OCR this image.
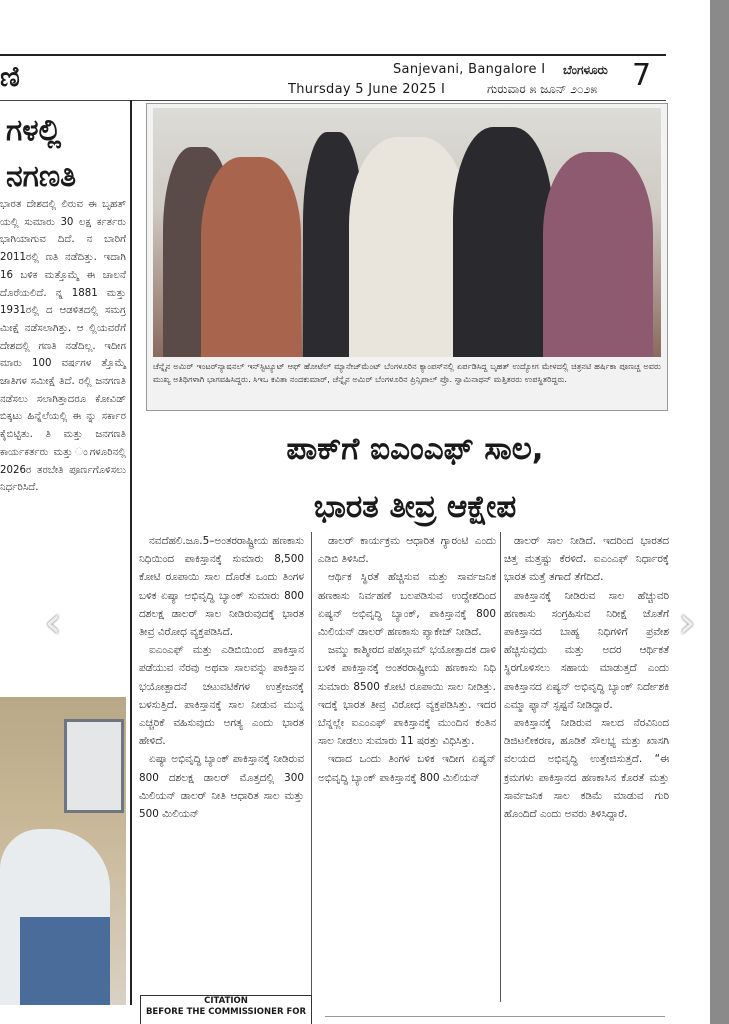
ಣಿ	Sanjevani, Bangalore I ಬೆಂಗಳೂರು 7
Thursday 5 June 2025 I	ಗುರುವಾರ ೫ ಜೂನ್ ೨೦೨೫
ಗಳಲ್ಲಿ
ನಗಣತಿ

ಭಾರತ ದೇಶದಲ್ಲಿ ಲಿರುವ ಈ ಬೃಹತ್ ಯಲ್ಲಿ ಸುಮಾರು 30 ಲಕ್ಷ ರ್ಕರ್ತರು ಭಾಗಿಯಾಗುವ ದಿದೆ. ನ ಬಾರಿಗೆ 2011ರಲ್ಲಿ ಣತಿ ನಡೆದಿತ್ತು. ಇದಾಗಿ 16 ಬಳಿಕ ಮತ್ತೊಮ್ಮೆ ಈ ಚಾಲನೆ ದೊರೆಯಲಿದೆ. ನ್ನ 1881 ಮತ್ತು 1931ರಲ್ಲಿ ದ ಆಡಳಿತದಲ್ಲಿ ಸಮಗ್ರ ಮೀಕ್ಷೆ ನಡೆಸಲಾಗಿತ್ತು. ಆ ಲ್ಲಿಯವರೆಗೆ ದೇಶದಲ್ಲಿ ಗಣತಿ ನಡೆದಿಲ್ಲ. ಇದೀಗ ಮಾರು 100 ವರ್ಷಗಳ ತ್ತೊಮ್ಮೆ ಜಾತಿಗಳ ಸಮೀಕ್ಷೆ ತಿದೆ. ರಲ್ಲಿ ಜನಗಣತಿ ನಡೆಸಲು ಸಲಾಗಿತ್ತಾದರೂ ಕೋವಿಡ್ ಬಿಕ್ಕಟು ಹಿನ್ನೆಲೆಯಲ್ಲಿ ಈ ನ್ನು ಸರ್ಕಾರ ಕೈಬಿಟ್ಟಿತು. ತಿ ಮತ್ತು ಜನಗಣತಿ ಕಾರ್ಯಕರ್ತರು ಮತ್ತು ಂಗಳೂರಿನಲ್ಲಿ 2026ರ ತರಬೇತಿ ಪೂರ್ಣಗೊಳಿಸಲು ನಿರ್ಧರಿಸಿದೆ.

ಚೆನ್ನೈನ ಅಮಿರ್ ಇಂಟರ್‌ನ್ಯಾಷನಲ್ ಇನ್‌ಸ್ಟಿಟ್ಯೂಟ್ ಆಫ್ ಹೋಟೆಲ್ ಮ್ಯಾನೇಜ್‌ಮೆಂಟ್ ಬೆಂಗಳೂರಿನ ಕ್ಯಾಂಪಸ್‌ನಲ್ಲಿ ಏರ್ಪಡಿಸಿದ್ದ ಬೃಹತ್ ಉದ್ಯೋಗ ಮೇಳದಲ್ಲಿ ಚಿತ್ರನಟಿ ಹರ್ಷಿಕಾ ಪೂಣಚ್ಚ ಅವರು ಮುಖ್ಯ ಅತಿಥಿಗಳಾಗಿ ಭಾಗವಹಿಸಿದ್ದರು. ಸಿಇಒ ಕವಿತಾ ನಂದಕುಮಾರ್, ಚೆನ್ನೈನ ಅಮಿರ್ ಬೆಂಗಳೂರಿನ ಪ್ರಿನ್ಸಿಪಾಲ್ ಪ್ರೊ. ಸ್ವಾಮಿನಾಥನ್ ಮತ್ತಿತರರು ಉಪಸ್ಥಿತರಿದ್ದರು.
ಪಾಕ್‌ಗೆ ಐಎಂಎಫ್ ಸಾಲ,
ಭಾರತ ತೀವ್ರ ಆಕ್ಷೇಪ

ನವದೆಹಲಿ.ಜೂ.5–ಅಂತರರಾಷ್ಟ್ರೀಯ ಹಣಕಾಸು ನಿಧಿಯಿಂದ ಪಾಕಿಸ್ತಾನಕ್ಕೆ ಸುಮಾರು 8,500 ಕೋಟಿ ರೂಪಾಯಿ ಸಾಲ ದೊರೆತ ಒಂದು ತಿಂಗಳ ಬಳಿಕ ಏಷ್ಯಾ ಅಭಿವೃದ್ಧಿ ಬ್ಯಾಂಕ್ ಸುಮಾರು 800 ದಶಲಕ್ಷ ಡಾಲರ್ ಸಾಲ ನೀಡಿರುವುದಕ್ಕೆ ಭಾರತ ತೀವ್ರ ವಿರೋಧ ವ್ಯಕ್ತಪಡಿಸಿದೆ.

ಐಎಂಎಫ್ ಮತ್ತು ಎಡಿಬಿಯಿಂದ ಪಾಕಿಸ್ತಾನ ಪಡೆಯುವ ನೆರವು ಅಥವಾ ಸಾಲವನ್ನು ಪಾಕಿಸ್ತಾನ ಭಯೋತ್ಪಾದನೆ ಚಟುವಟಿಕೆಗಳ ಉತ್ತೇಜನಕ್ಕೆ ಬಳಸುತ್ತಿದೆ. ಪಾಕಿಸ್ತಾನಕ್ಕೆ ಸಾಲ ನೀಡುವ ಮುನ್ನ ಎಚ್ಚರಿಕೆ ವಹಿಸುವುದು ಅಗತ್ಯ ಎಂದು ಭಾರತ ಹೇಳಿದೆ.

ಏಷ್ಯಾ ಅಭಿವೃದ್ಧಿ ಬ್ಯಾಂಕ್ ಪಾಕಿಸ್ತಾನಕ್ಕೆ ನೀಡಿರುವ 800 ದಶಲಕ್ಷ ಡಾಲರ್ ಮೊತ್ತದಲ್ಲಿ 300 ಮಿಲಿಯನ್ ಡಾಲರ್ ನೀತಿ ಆಧಾರಿತ ಸಾಲ ಮತ್ತು 500 ಮಿಲಿಯನ್

ಡಾಲರ್ ಕಾರ್ಯಕ್ರಮ ಆಧಾರಿತ ಗ್ಯಾರಂಟಿ ಎಂದು ಎಡಿಬಿ ತಿಳಿಸಿದೆ.

ಆರ್ಥಿಕ ಸ್ಥಿರತೆ ಹೆಚ್ಚಿಸುವ ಮತ್ತು ಸಾರ್ವಜನಿಕ ಹಣಕಾಸು ನಿರ್ವಹಣೆ ಬಲಪಡಿಸುವ ಉದ್ದೇಶದಿಂದ ಏಷ್ಯನ್ ಅಭಿವೃದ್ಧಿ ಬ್ಯಾಂಕ್, ಪಾಕಿಸ್ತಾನಕ್ಕೆ 800 ಮಿಲಿಯನ್ ಡಾಲರ್ ಹಣಕಾಸು ಪ್ಯಾಕೇಜ್ ನೀಡಿದೆ.

ಜಮ್ಮು ಕಾಶ್ಮೀರದ ಪಹಲ್ಗಾಮ್ ಭಯೋತ್ಪಾದಕ ದಾಳಿ ಬಳಿಕ ಪಾಕಿಸ್ತಾನಕ್ಕೆ ಅಂತರರಾಷ್ಟ್ರೀಯ ಹಣಕಾಸು ನಿಧಿ ಸುಮಾರು 8500 ಕೋಟಿ ರೂಪಾಯಿ ಸಾಲ ನೀಡಿತ್ತು. ಇದಕ್ಕೆ ಭಾರತ ತೀವ್ರ ವಿರೋಧ ವ್ಯಕ್ತಪಡಿಸಿತ್ತು. ಇದರ ಬೆನ್ನಲ್ಲೇ ಐಎಂಎಫ್ ಪಾಕಿಸ್ತಾನಕ್ಕೆ ಮುಂದಿನ ಕಂತಿನ ಸಾಲ ನೀಡಲು ಸುಮಾರು 11 ಷರತ್ತು ವಿಧಿಸಿತ್ತು.

ಇದಾದ ಒಂದು ತಿಂಗಳ ಬಳಿಕ ಇದೀಗ ಏಷ್ಯನ್ ಅಭಿವೃದ್ಧಿ ಬ್ಯಾಂಕ್ ಪಾಕಿಸ್ತಾನಕ್ಕೆ 800 ಮಿಲಿಯನ್

ಡಾಲರ್ ಸಾಲ ನೀಡಿದೆ. ಇದರಿಂದ ಭಾರತದ ಚಿತ್ತ ಮತ್ತಷ್ಟು ಕೆರಳಿದೆ. ಐಎಂಎಫ್ ನಿರ್ಧಾರಕ್ಕೆ ಭಾರತ ಮತ್ತೆ ತಗಾದೆ ತೆಗೆದಿದೆ.

ಪಾಕಿಸ್ತಾನಕ್ಕೆ ನೀಡಿರುವ ಸಾಲ ಹೆಚ್ಚುವರಿ ಹಣಕಾಸು ಸಂಗ್ರಹಿಸುವ ನಿರೀಕ್ಷೆ ಜೊತೆಗೆ ಪಾಕಿಸ್ತಾನದ ಬಾಹ್ಯ ನಿಧಿಗಳಿಗೆ ಪ್ರವೇಶ ಹೆಚ್ಚಿಸುವುದು ಮತ್ತು ಅದರ ಆರ್ಥಿಕತೆ ಸ್ಥಿರಗೊಳಿಸಲು ಸಹಾಯ ಮಾಡುತ್ತದೆ ಎಂದು ಪಾಕಿಸ್ತಾನದ ಏಷ್ಯನ್ ಅಭಿವೃದ್ಧಿ ಬ್ಯಾಂಕ್ ನಿರ್ದೇಶಕಿ ಎಮ್ಮಾ ಫ್ಯಾನ್ ಸ್ಪಷ್ಟನೆ ನೀಡಿದ್ದಾರೆ.

ಪಾಕಿಸ್ತಾನಕ್ಕೆ ನೀಡಿರುವ ಸಾಲದ ನೆರವಿನಿಂದ ಡಿಜಿಟಲೀಕರಣ, ಹೂಡಿಕೆ ಸೌಲಭ್ಯ ಮತ್ತು ಖಾಸಗಿ ವಲಯದ ಅಭಿವೃದ್ಧಿ ಉತ್ತೇಜಿಸುತ್ತದೆ. “ಈ ಕ್ರಮಗಳು ಪಾಕಿಸ್ತಾನದ ಹಣಕಾಸಿನ ಕೊರತೆ ಮತ್ತು ಸಾರ್ವಜನಿಕ ಸಾಲ ಕಡಿಮೆ ಮಾಡುವ ಗುರಿ ಹೊಂದಿದೆ ಎಂದು ಅವರು ತಿಳಿಸಿದ್ದಾರೆ.

CITATION
BEFORE THE COMMISSIONER FOR
‹	›
